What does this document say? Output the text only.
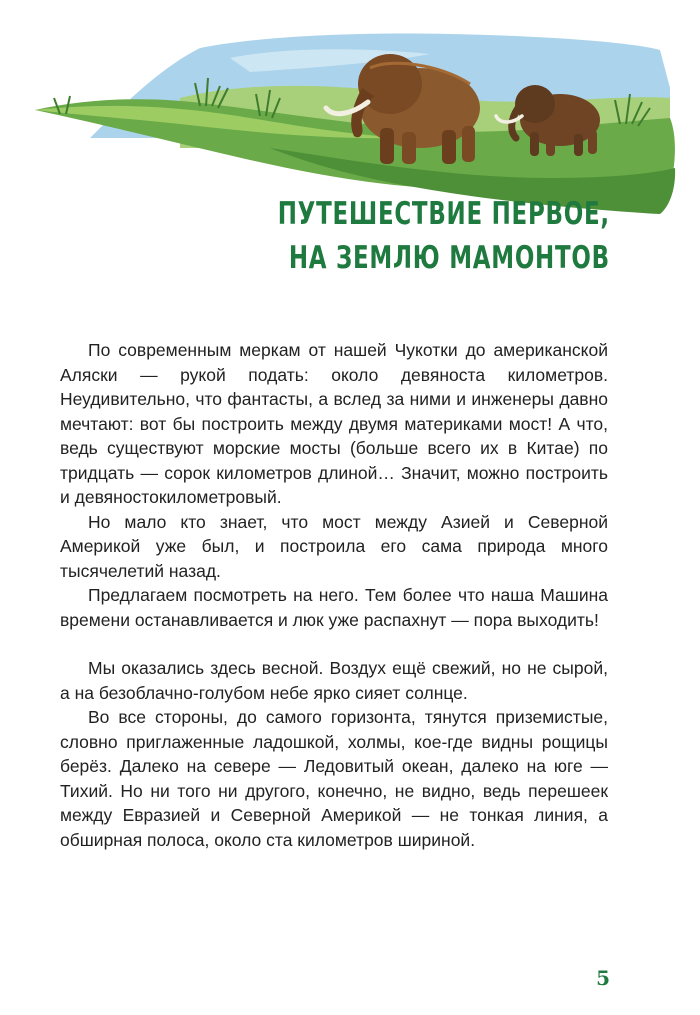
ПУТЕШЕСТВИЕ ПЕРВОЕ,
НА ЗЕМЛЮ МАМОНТОВ

По современным меркам от нашей Чукотки до американской Аляски — рукой подать: около девяноста километров. Неудивительно, что фантасты, а вслед за ними и инженеры давно мечтают: вот бы построить между двумя материками мост! А что, ведь существуют морские мосты (больше всего их в Китае) по тридцать — сорок километров длиной… Значит, можно построить и девяностокилометровый.

Но мало кто знает, что мост между Азией и Северной Америкой уже был, и построила его сама природа много тысячелетий назад.

Предлагаем посмотреть на него. Тем более что наша Машина времени останавливается и люк уже распахнут — пора выходить!

Мы оказались здесь весной. Воздух ещё свежий, но не сырой, а на безоблачно-голубом небе ярко сияет солнце.

Во все стороны, до самого горизонта, тянутся приземистые, словно приглаженные ладошкой, холмы, кое-где видны рощицы берёз. Далеко на севере — Ледовитый океан, далеко на юге — Тихий. Но ни того ни другого, конечно, не видно, ведь перешеек между Евразией и Северной Америкой — не тонкая линия, а обширная полоса, около ста километров шириной.

5
